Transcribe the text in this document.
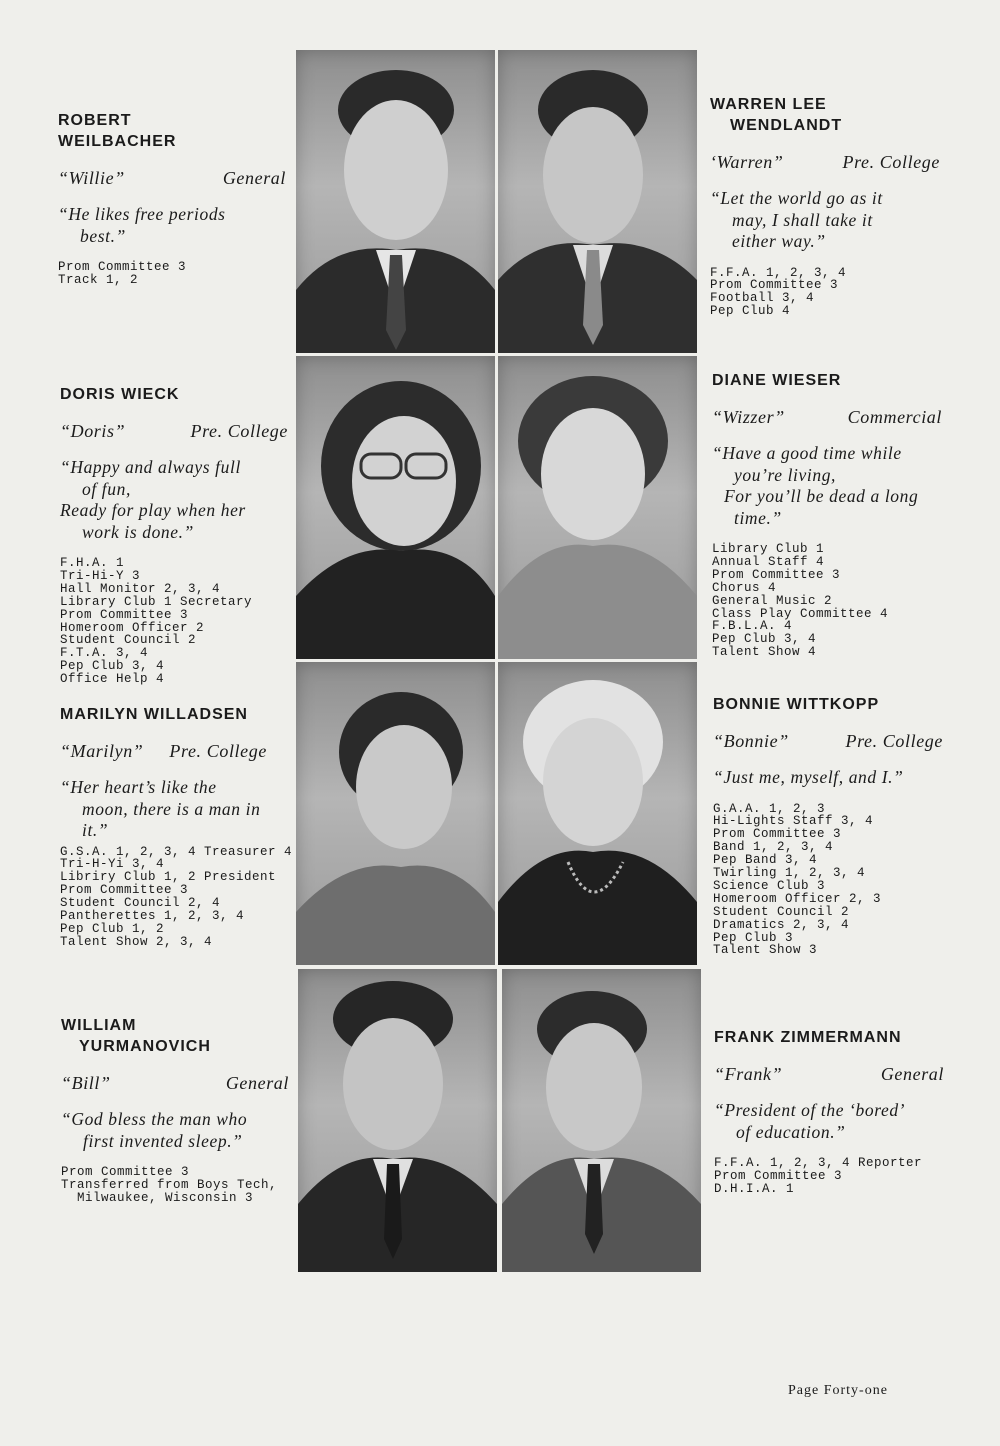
ROBERT
WEILBACHER
“Willie”	General
“He likes free periods
best.”
Prom Committee 3
Track 1, 2
WARREN LEE
WENDLANDT
‘Warren”	Pre. College
“Let the world go as it
may, I shall take it
either way.”
F.F.A. 1, 2, 3, 4
Prom Committee 3
Football 3, 4
Pep Club 4
DORIS WIECK
“Doris”	Pre. College
“Happy and always full
of fun,
Ready for play when her
work is done.”
F.H.A. 1
Tri-Hi-Y 3
Hall Monitor 2, 3, 4
Library Club 1 Secretary
Prom Committee 3
Homeroom Officer 2
Student Council 2
F.T.A. 3, 4
Pep Club 3, 4
Office Help 4
DIANE WIESER
“Wizzer”	Commercial
“Have a good time while
you’re living,
For you’ll be dead a long
time.”
Library Club 1
Annual Staff 4
Prom Committee 3
Chorus 4
General Music 2
Class Play Committee 4
F.B.L.A. 4
Pep Club 3, 4
Talent Show 4
MARILYN WILLADSEN
“Marilyn” Pre. College
“Her heart’s like the
moon, there is a man in
it.”
G.S.A. 1, 2, 3, 4 Treasurer 4
Tri-H-Yi 3, 4
Libriry Club 1, 2 President
Prom Committee 3
Student Council 2, 4
Pantherettes 1, 2, 3, 4
Pep Club 1, 2
Talent Show 2, 3, 4
BONNIE WITTKOPP
“Bonnie”	Pre. College
“Just me, myself, and I.”
G.A.A. 1, 2, 3
Hi-Lights Staff 3, 4
Prom Committee 3
Band 1, 2, 3, 4
Pep Band 3, 4
Twirling 1, 2, 3, 4
Science Club 3
Homeroom Officer 2, 3
Student Council 2
Dramatics 2, 3, 4
Pep Club 3
Talent Show 3
WILLIAM
YURMANOVICH
“Bill”	General
“God bless the man who
first invented sleep.”
Prom Committee 3
Transferred from Boys Tech,
Milwaukee, Wisconsin 3
FRANK ZIMMERMANN
“Frank”	General
“President of the ‘bored’
of education.”
F.F.A. 1, 2, 3, 4 Reporter
Prom Committee 3
D.H.I.A. 1
Page Forty-one
